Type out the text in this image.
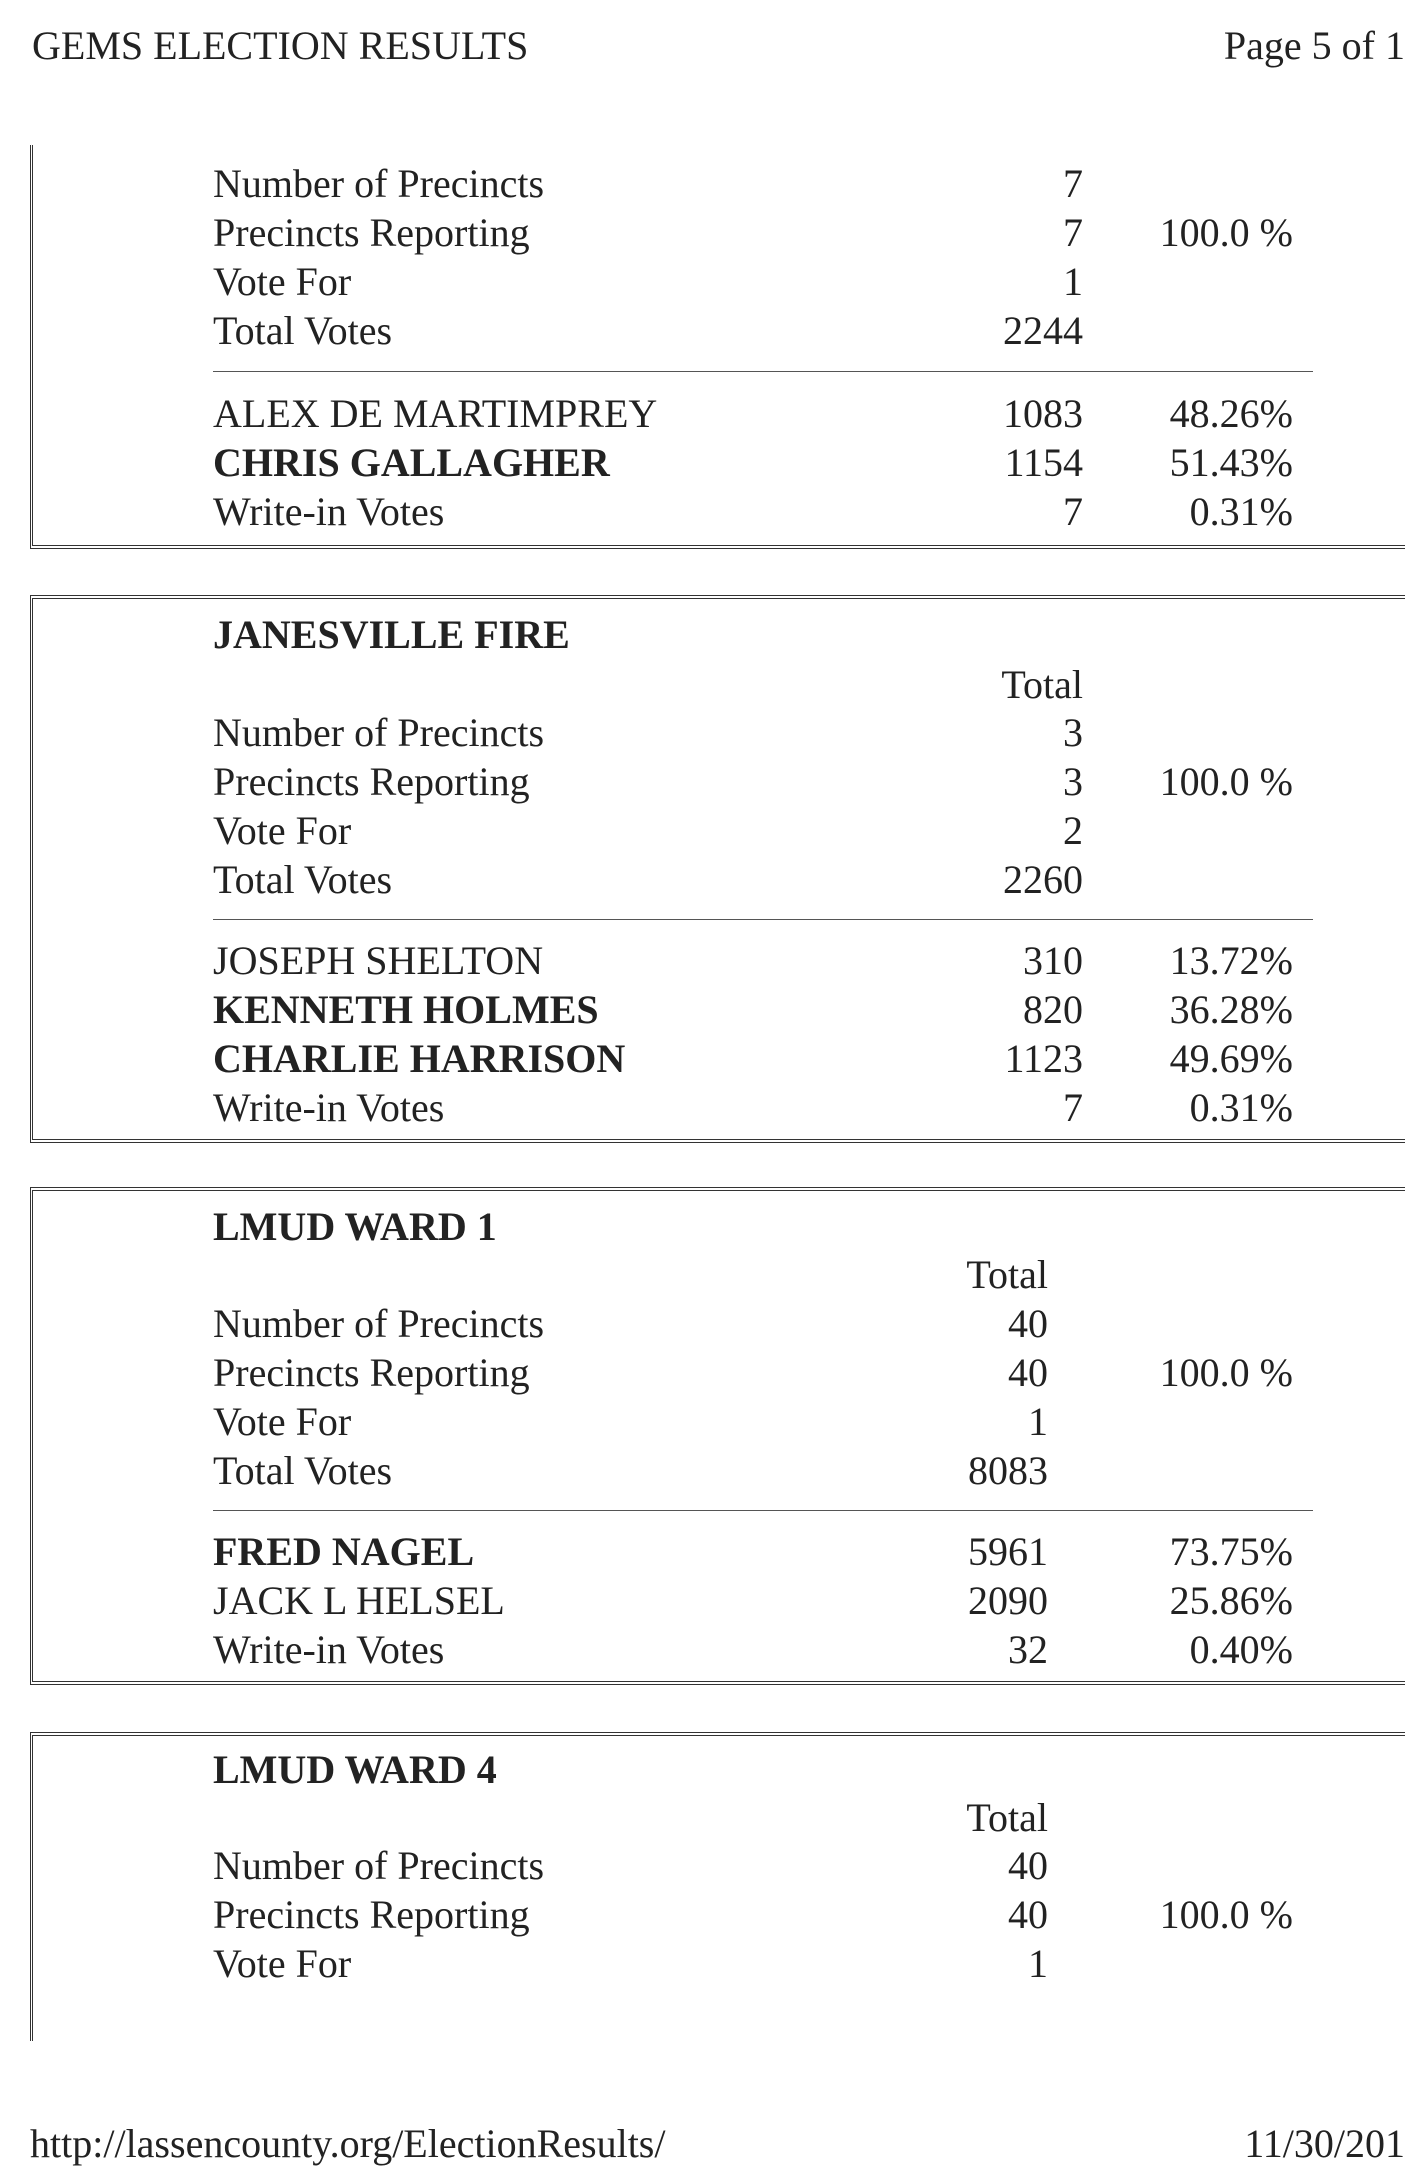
GEMS ELECTION RESULTS	Page 5 of 1
Number of Precincts	7
Precincts Reporting	7	100.0 %
Vote For	1
Total Votes	2244
ALEX DE MARTIMPREY	1083	48.26%
CHRIS GALLAGHER	1154	51.43%
Write-in Votes	7	0.31%
JANESVILLE FIRE
Total
Number of Precincts	3
Precincts Reporting	3	100.0 %
Vote For	2
Total Votes	2260
JOSEPH SHELTON	310	13.72%
KENNETH HOLMES	820	36.28%
CHARLIE HARRISON	1123	49.69%
Write-in Votes	7	0.31%
LMUD WARD 1
Total
Number of Precincts	40
Precincts Reporting	40	100.0 %
Vote For	1
Total Votes	8083
FRED NAGEL	5961	73.75%
JACK L HELSEL	2090	25.86%
Write-in Votes	32	0.40%
LMUD WARD 4
Total
Number of Precincts	40
Precincts Reporting	40	100.0 %
Vote For	1
http://lassencounty.org/ElectionResults/	11/30/201
